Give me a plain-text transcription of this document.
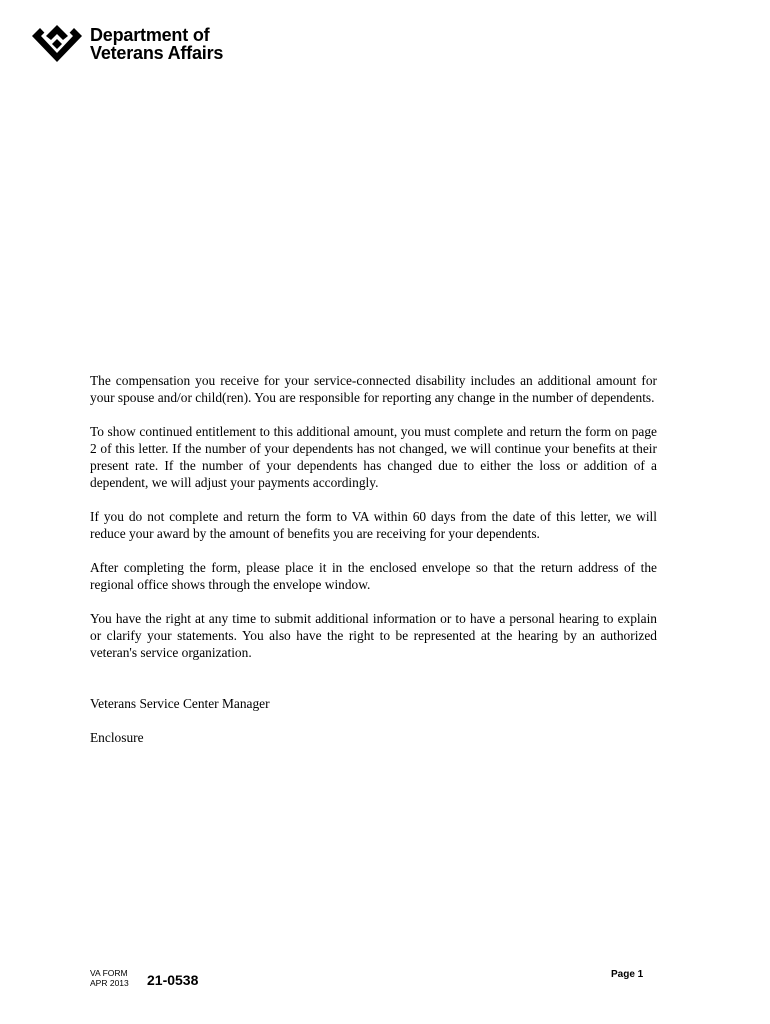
Department of
Veterans Affairs

The compensation you receive for your service-connected disability includes an additional amount for your spouse and/or child(ren). You are responsible for reporting any change in the number of dependents.

To show continued entitlement to this additional amount, you must complete and return the form on page 2 of this letter. If the number of your dependents has not changed, we will continue your benefits at their present rate. If the number of your dependents has changed due to either the loss or addition of a dependent, we will adjust your payments accordingly.

If you do not complete and return the form to VA within 60 days from the date of this letter, we will reduce your award by the amount of benefits you are receiving for your dependents.

After completing the form, please place it in the enclosed envelope so that the return address of the regional office shows through the envelope window.

You have the right at any time to submit additional information or to have a personal hearing to explain or clarify your statements. You also have the right to be represented at the hearing by an authorized veteran's service organization.

Veterans Service Center Manager

Enclosure

VA FORM
APR 2013 21-0538	Page 1
